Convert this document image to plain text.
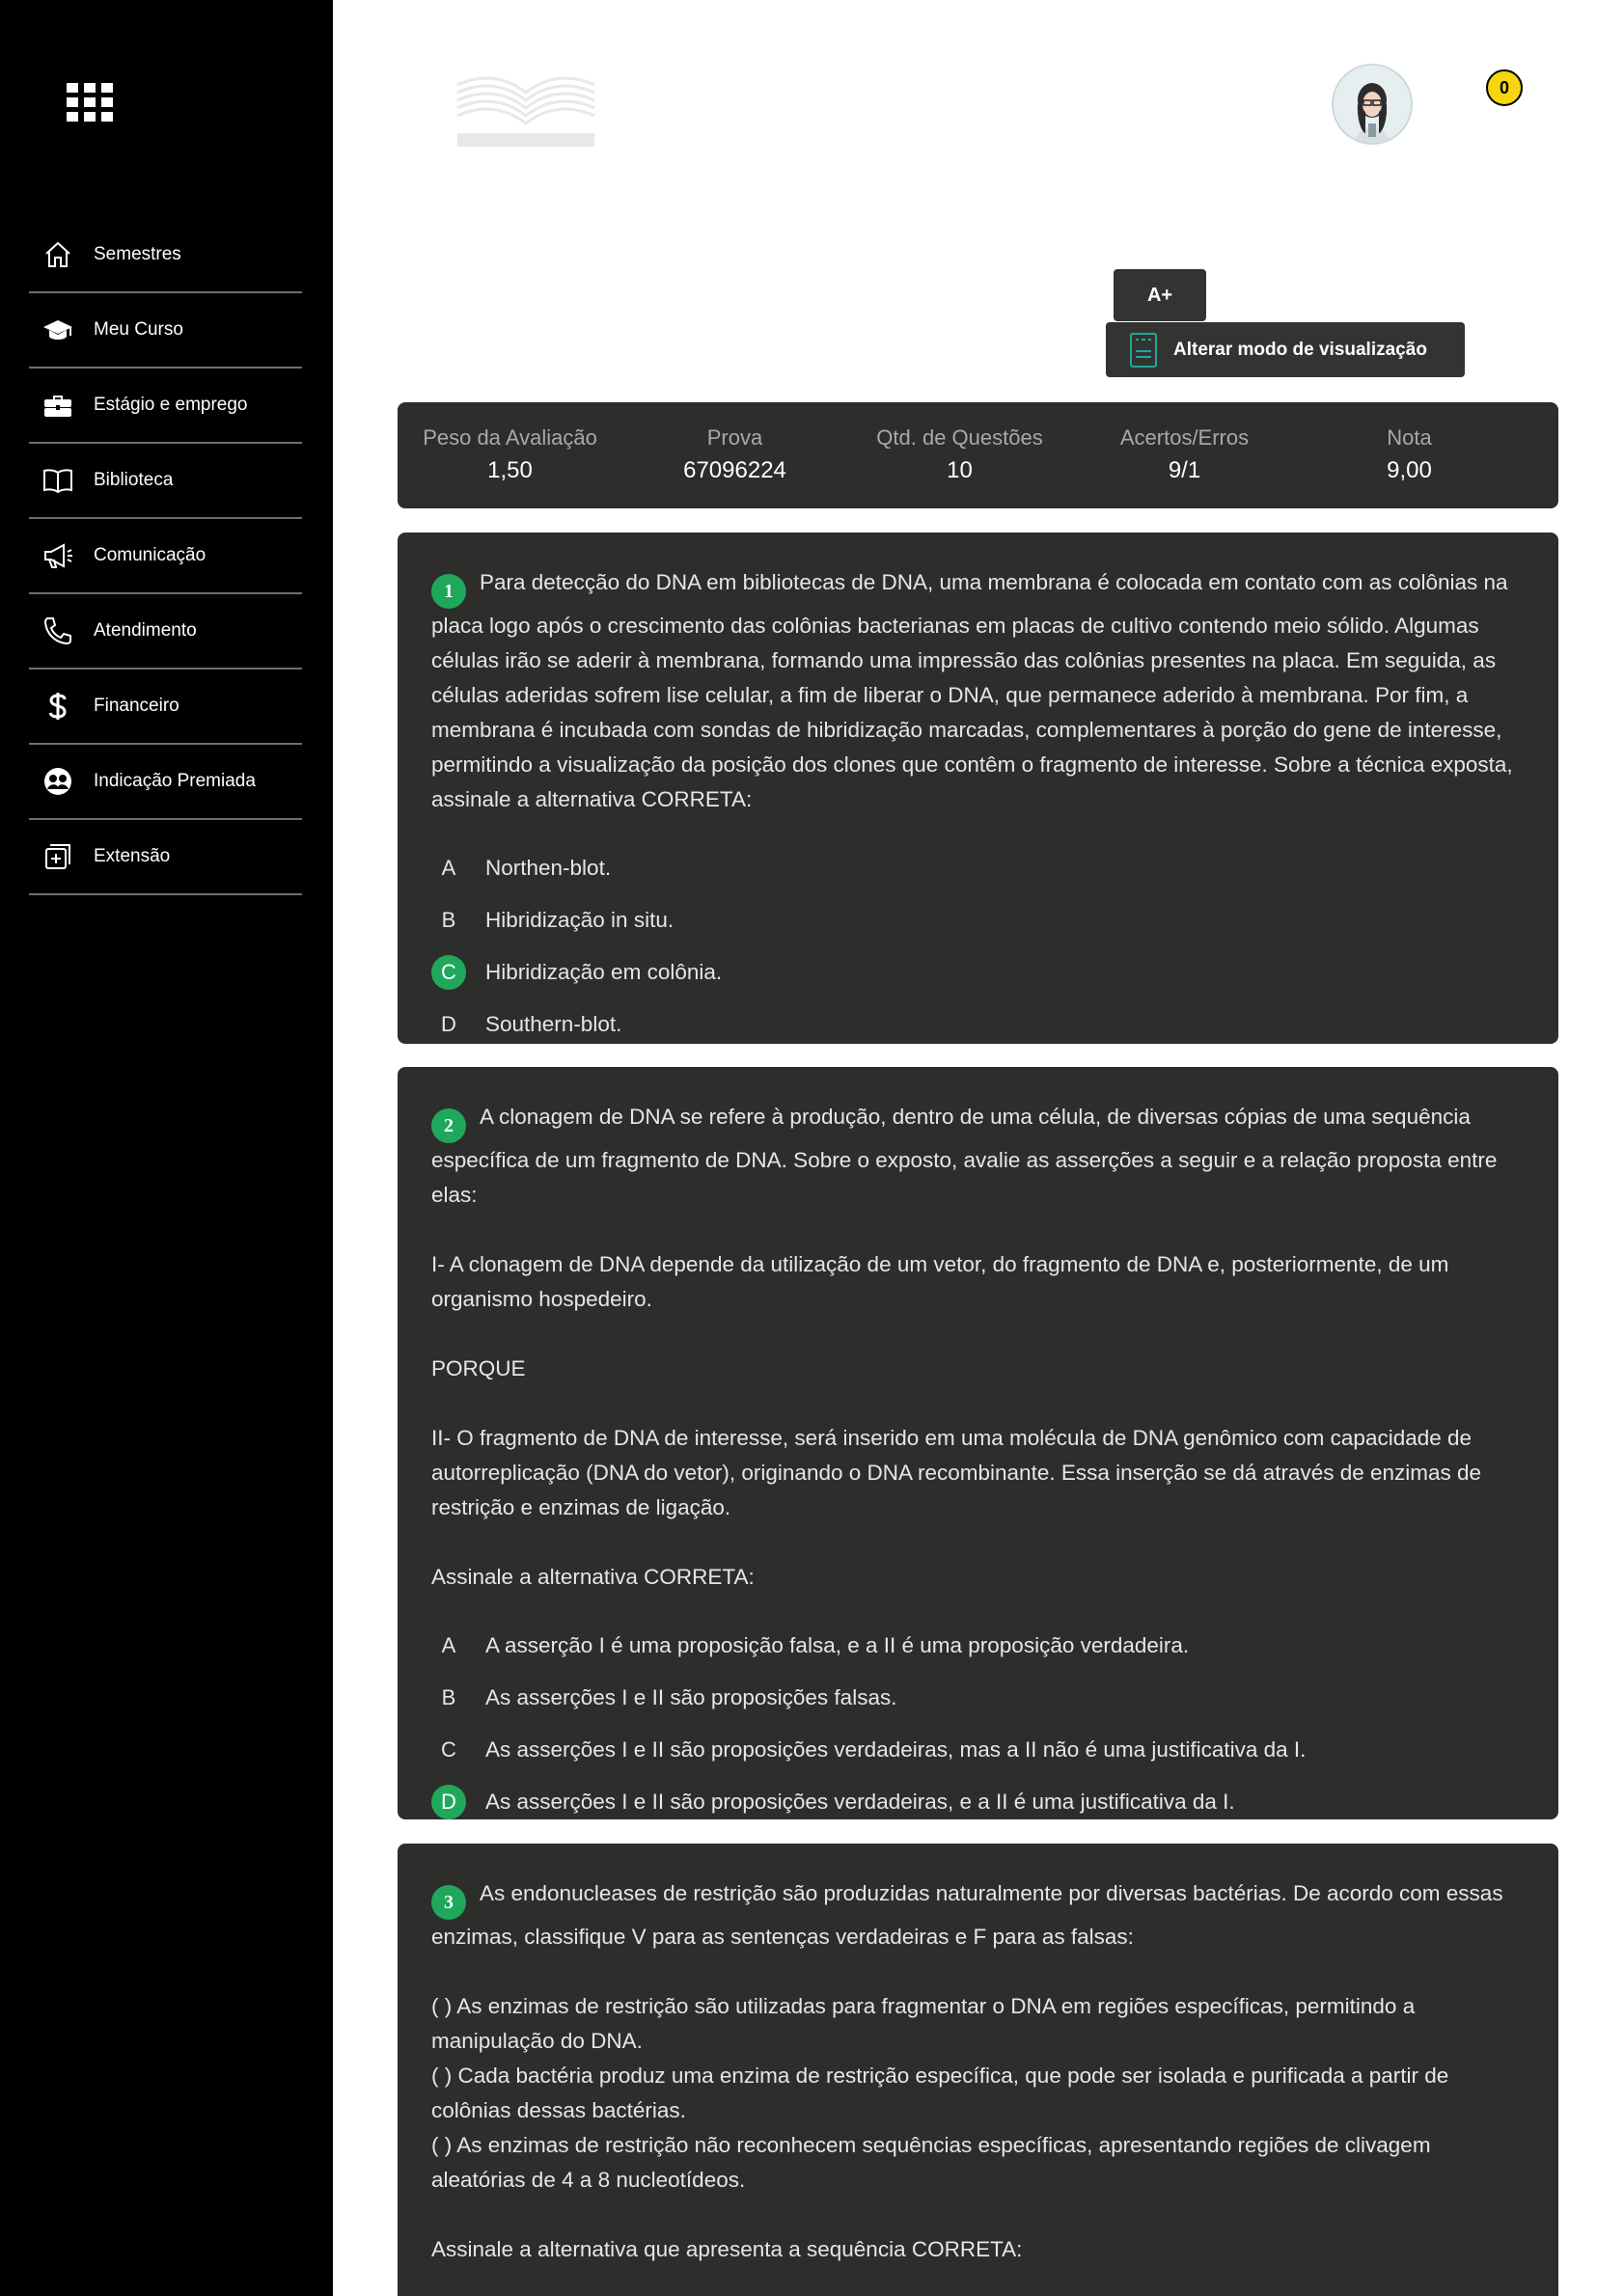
Semestres
Meu Curso
Estágio e emprego
Biblioteca
Comunicação
Atendimento
Financeiro
Indicação Premiada
Extensão
0
A+
Alterar modo de visualização
Peso da Avaliação
1,50
Prova
67096224
Qtd. de Questões
10
Acertos/Erros
9/1
Nota
9,00
1 Para detecção do DNA em bibliotecas de DNA, uma membrana é colocada em contato com as colônias na placa logo após o crescimento das colônias bacterianas em placas de cultivo contendo meio sólido. Algumas células irão se aderir à membrana, formando uma impressão das colônias presentes na placa. Em seguida, as células aderidas sofrem lise celular, a fim de liberar o DNA, que permanece aderido à membrana. Por fim, a membrana é incubada com sondas de hibridização marcadas, complementares à porção do gene de interesse, permitindo a visualização da posição dos clones que contêm o fragmento de interesse. Sobre a técnica exposta, assinale a alternativa CORRETA:
A	Northen-blot.
B	Hibridização in situ.
C	Hibridização em colônia.
D	Southern-blot.
2 A clonagem de DNA se refere à produção, dentro de uma célula, de diversas cópias de uma sequência específica de um fragmento de DNA. Sobre o exposto, avalie as asserções a seguir e a relação proposta entre elas:
I- A clonagem de DNA depende da utilização de um vetor, do fragmento de DNA e, posteriormente, de um organismo hospedeiro.
PORQUE
II- O fragmento de DNA de interesse, será inserido em uma molécula de DNA genômico com capacidade de autorreplicação (DNA do vetor), originando o DNA recombinante. Essa inserção se dá através de enzimas de restrição e enzimas de ligação.
Assinale a alternativa CORRETA:
A	A asserção I é uma proposição falsa, e a II é uma proposição verdadeira.
B	As asserções I e II são proposições falsas.
C	As asserções I e II são proposições verdadeiras, mas a II não é uma justificativa da I.
D	As asserções I e II são proposições verdadeiras, e a II é uma justificativa da I.
3 As endonucleases de restrição são produzidas naturalmente por diversas bactérias. De acordo com essas enzimas, classifique V para as sentenças verdadeiras e F para as falsas:
( ) As enzimas de restrição são utilizadas para fragmentar o DNA em regiões específicas, permitindo a manipulação do DNA.
( ) Cada bactéria produz uma enzima de restrição específica, que pode ser isolada e purificada a partir de colônias dessas bactérias.
( ) As enzimas de restrição não reconhecem sequências específicas, apresentando regiões de clivagem aleatórias de 4 a 8 nucleotídeos.
Assinale a alternativa que apresenta a sequência CORRETA:
